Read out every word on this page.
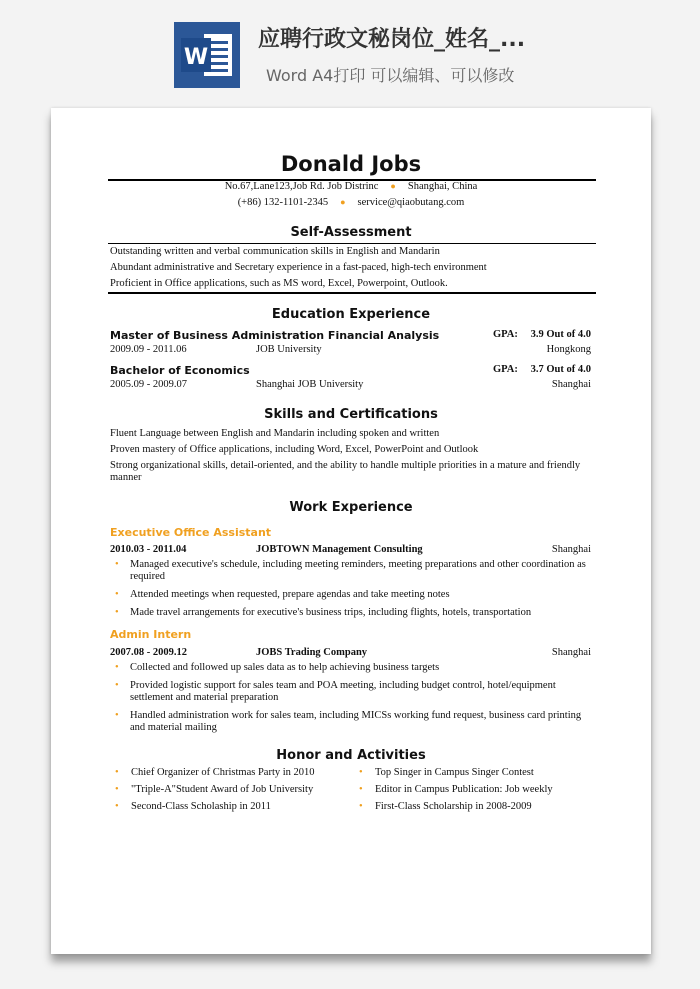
W
应聘行政文秘岗位_姓名_...
Word A4打印 可以编辑、可以修改
Donald Jobs
No.67,Lane123,Job Rd. Job Distrinc ● Shanghai, China
(+86) 132-1101-2345 ● service@qiaobutang.com
Self-Assessment
Outstanding written and verbal communication skills in English and Mandarin
Abundant administrative and Secretary experience in a fast-paced, high-tech environment
Proficient in Office applications, such as MS word, Excel, Powerpoint, Outlook.
Education Experience
Master of Business Administration Financial Analysis	GPA: 3.9 Out of 4.0
2009.09 - 2011.06	JOB University	Hongkong
Bachelor of Economics	GPA: 3.7 Out of 4.0
2005.09 - 2009.07	Shanghai JOB University	Shanghai
Skills and Certifications
Fluent Language between English and Mandarin including spoken and written
Proven mastery of Office applications, including Word, Excel, PowerPoint and Outlook
Strong organizational skills, detail-oriented, and the ability to handle multiple priorities in a mature and friendly
manner
Work Experience
Executive Office Assistant
2010.03 - 2011.04	JOBTOWN Management Consulting	Shanghai
• Managed executive's schedule, including meeting reminders, meeting preparations and other coordination as required
• Attended meetings when requested, prepare agendas and take meeting notes
• Made travel arrangements for executive's business trips, including flights, hotels, transportation
Admin Intern
2007.08 - 2009.12	JOBS Trading Company	Shanghai
• Collected and followed up sales data as to help achieving business targets
• Provided logistic support for sales team and POA meeting, including budget control, hotel/equipment settlement and material preparation
• Handled administration work for sales team, including MICSs working fund request, business card printing and material mailing
Honor and Activities
• Chief Organizer of Christmas Party in 2010
• "Triple-A"Student Award of Job University
• Second-Class Scholaship in 2011
• Top Singer in Campus Singer Contest
• Editor in Campus Publication: Job weekly
• First-Class Scholarship in 2008-2009
